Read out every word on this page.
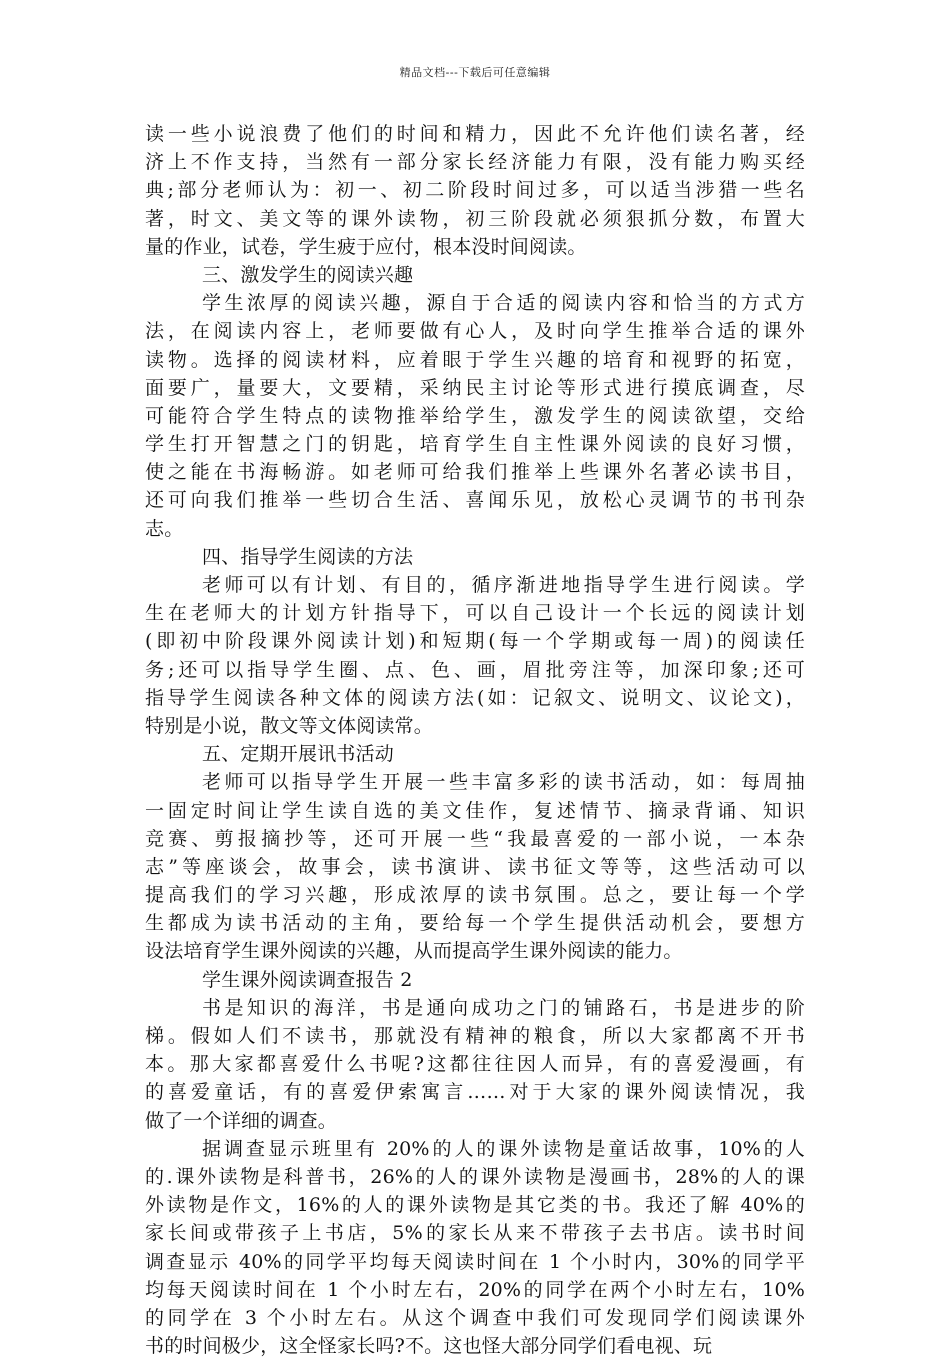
精品文档---下载后可任意编辑
读一些小说浪费了他们的时间和精力，因此不允许他们读名著，经
济上不作支持，当然有一部分家长经济能力有限，没有能力购买经
典;部分老师认为：初一、初二阶段时间过多，可以适当涉猎一些名
著，时文、美文等的课外读物，初三阶段就必须狠抓分数，布置大
量的作业，试卷，学生疲于应付，根本没时间阅读。
三、激发学生的阅读兴趣
学生浓厚的阅读兴趣，源自于合适的阅读内容和恰当的方式方
法，在阅读内容上，老师要做有心人，及时向学生推举合适的课外
读物。选择的阅读材料，应着眼于学生兴趣的培育和视野的拓宽，
面要广，量要大，文要精，采纳民主讨论等形式进行摸底调查，尽
可能符合学生特点的读物推举给学生，激发学生的阅读欲望，交给
学生打开智慧之门的钥匙，培育学生自主性课外阅读的良好习惯，
使之能在书海畅游。如老师可给我们推举上些课外名著必读书目，
还可向我们推举一些切合生活、喜闻乐见，放松心灵调节的书刊杂
志。
四、指导学生阅读的方法
老师可以有计划、有目的，循序渐进地指导学生进行阅读。学
生在老师大的计划方针指导下，可以自己设计一个长远的阅读计划
(即初中阶段课外阅读计划)和短期(每一个学期或每一周)的阅读任
务;还可以指导学生圈、点、色、画，眉批旁注等，加深印象;还可
指导学生阅读各种文体的阅读方法(如：记叙文、说明文、议论文)，
特别是小说，散文等文体阅读常。
五、定期开展讯书活动
老师可以指导学生开展一些丰富多彩的读书活动，如：每周抽
一固定时间让学生读自选的美文佳作，复述情节、摘录背诵、知识
竞赛、剪报摘抄等，还可开展一些“我最喜爱的一部小说，一本杂
志”等座谈会，故事会，读书演讲、读书征文等等，这些活动可以
提高我们的学习兴趣，形成浓厚的读书氛围。总之，要让每一个学
生都成为读书活动的主角，要给每一个学生提供活动机会，要想方
设法培育学生课外阅读的兴趣，从而提高学生课外阅读的能力。
学生课外阅读调查报告 2
书是知识的海洋，书是通向成功之门的铺路石，书是进步的阶
梯。假如人们不读书，那就没有精神的粮食，所以大家都离不开书
本。那大家都喜爱什么书呢?这都往往因人而异，有的喜爱漫画，有
的喜爱童话，有的喜爱伊索寓言……对于大家的课外阅读情况，我
做了一个详细的调查。
据调查显示班里有 20%的人的课外读物是童话故事，10%的人
的.课外读物是科普书，26%的人的课外读物是漫画书，28%的人的课
外读物是作文，16%的人的课外读物是其它类的书。我还了解 40%的
家长间或带孩子上书店，5%的家长从来不带孩子去书店。读书时间
调查显示 40%的同学平均每天阅读时间在 1 个小时内，30%的同学平
均每天阅读时间在 1 个小时左右，20%的同学在两个小时左右，10%
的同学在 3 个小时左右。从这个调查中我们可发现同学们阅读课外
书的时间极少，这全怪家长吗?不。这也怪大部分同学们看电视、玩
